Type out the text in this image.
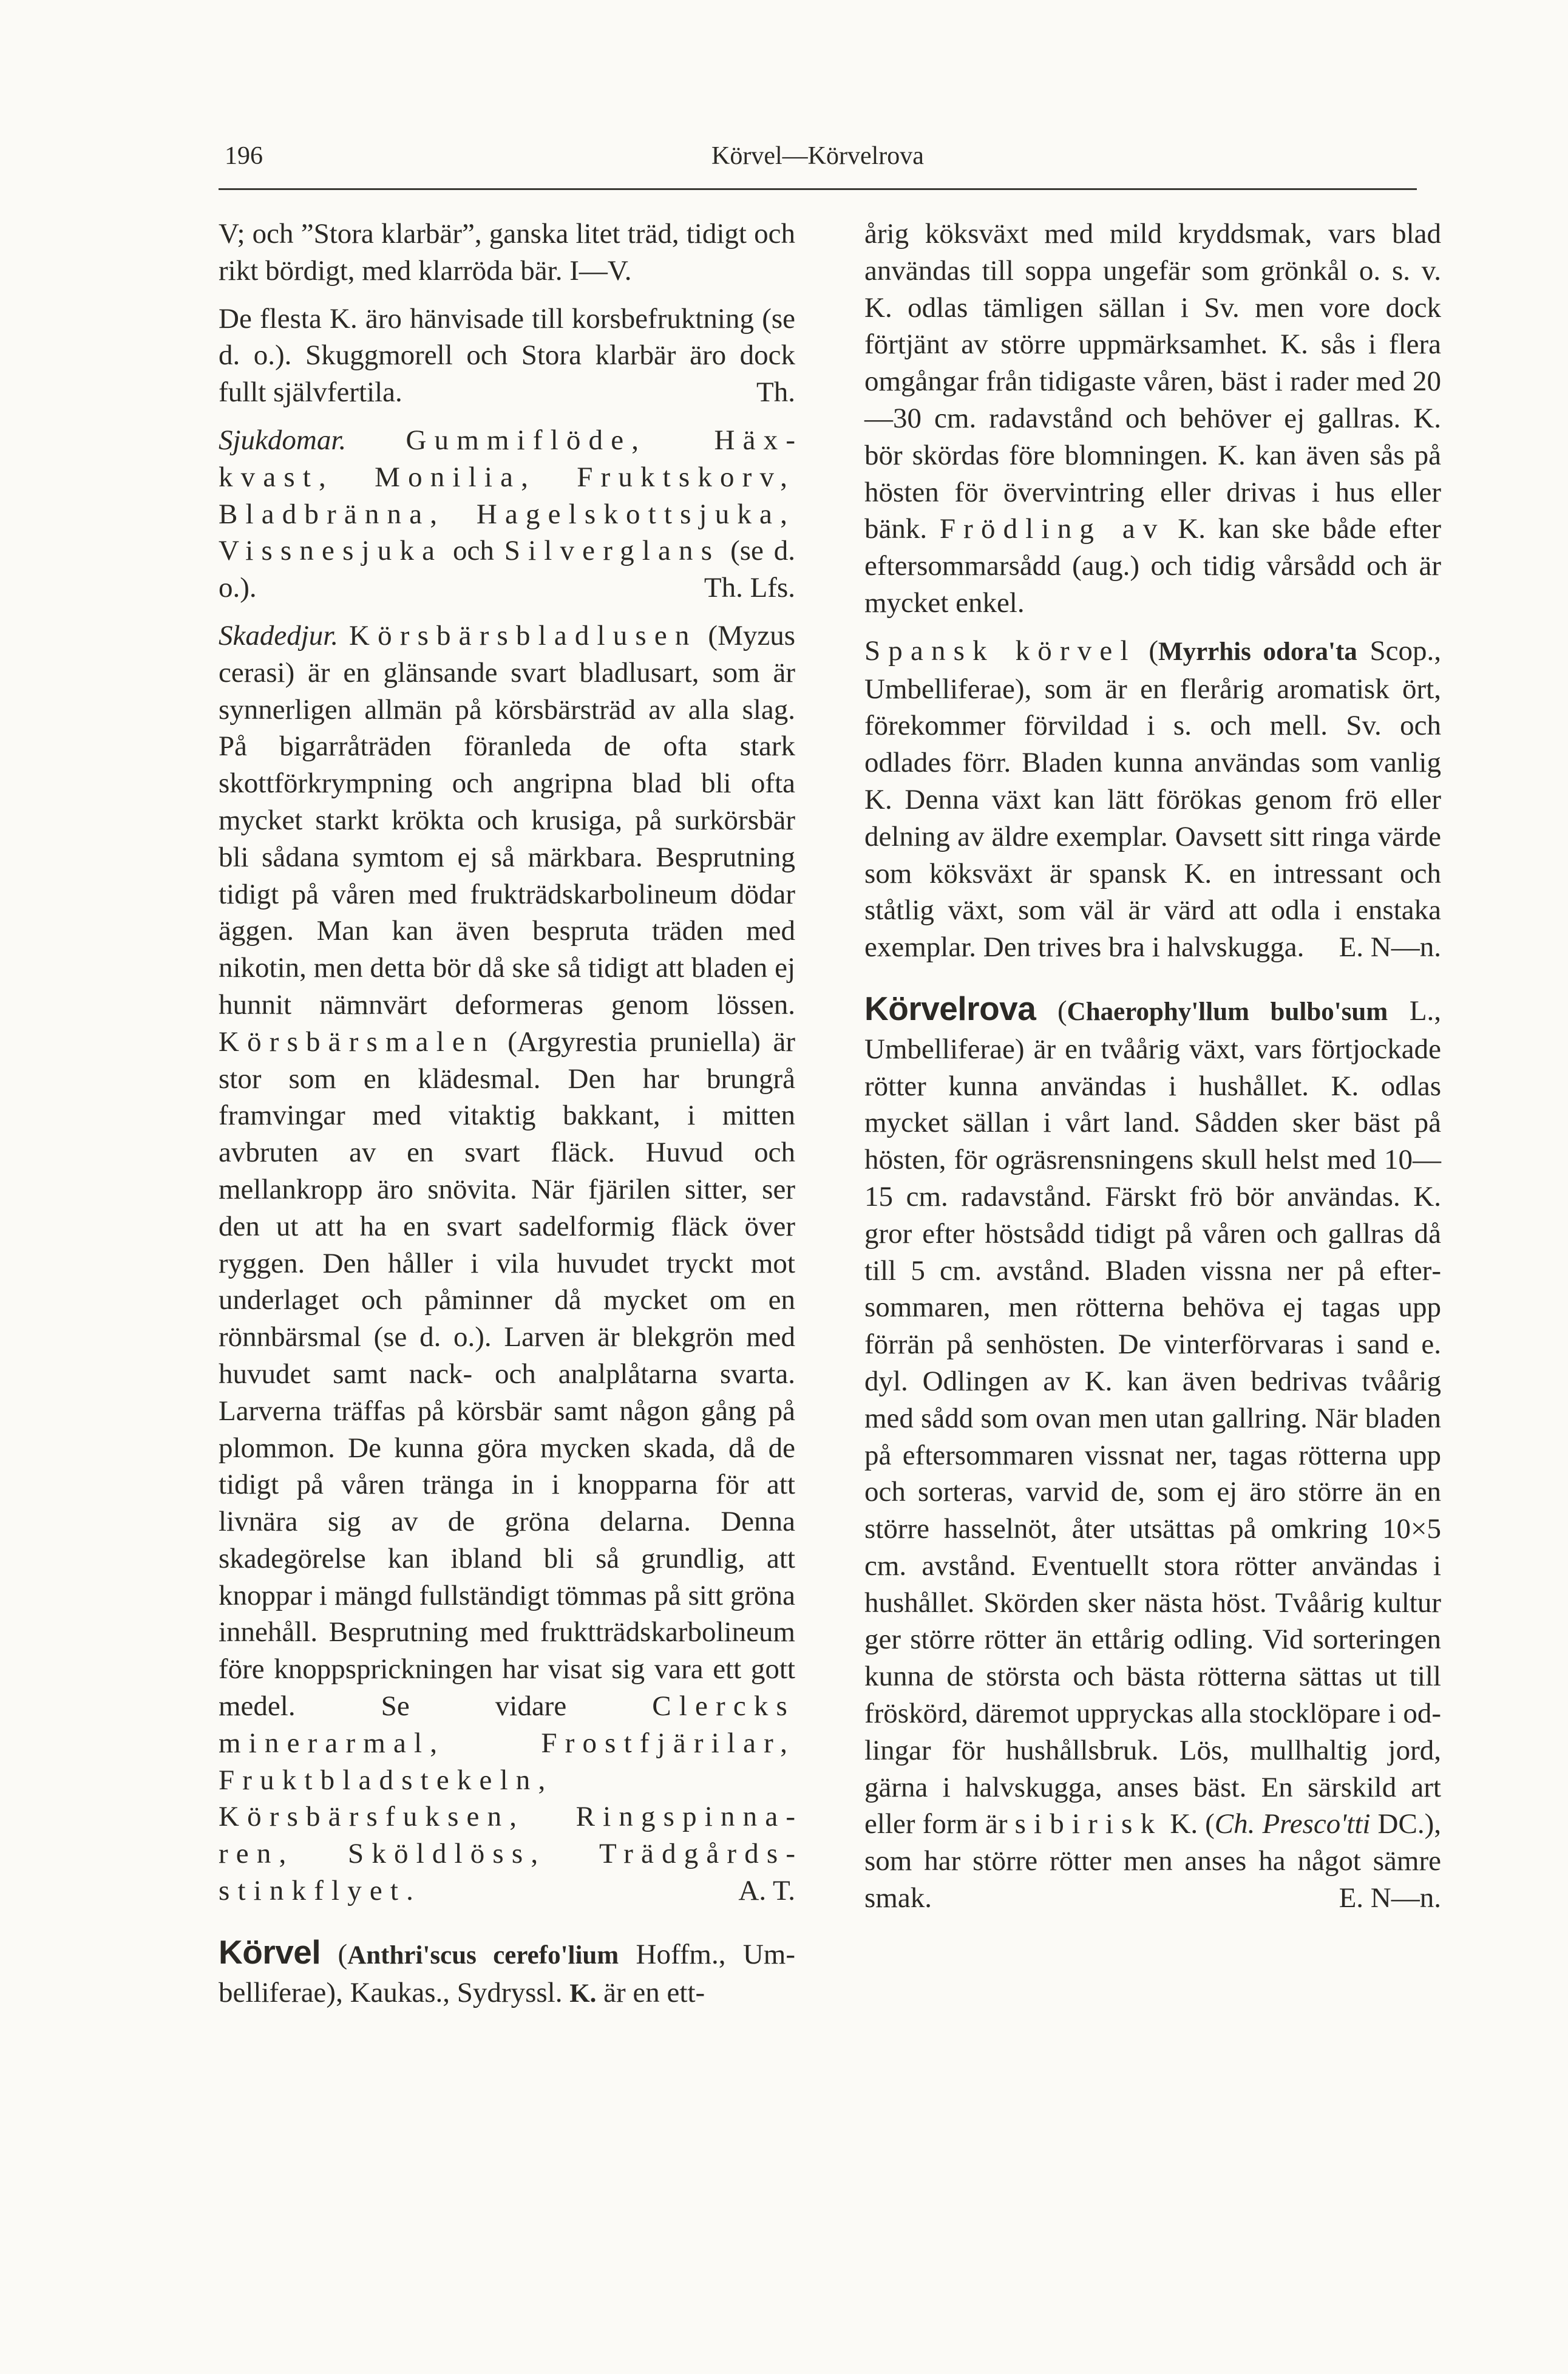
196	Körvel—Körvelrova

V; och ”Stora klarbär”, ganska litet träd, tidigt och rikt bördigt, med klarröda bär. I—V.

De flesta K. äro hänvisade till korsbefruktning (se d. o.). Skuggmorell och Stora klarbär äro dock fullt självfertila.	Th.

Sjukdomar. Gummiflöde, Häxkvast, Monilia, Fruktskorv, Bladbränna, Hagelskottsjuka, Vissnesjuka och Silverglans (se d. o.).	Th. Lfs.

Skadedjur. Körsbärsbladlusen (Myzus cerasi) är en glänsande svart bladlusart, som är synnerligen allmän på körsbärsträd av alla slag. På bigarråträden föranleda de ofta stark skottförkrympning och angripna blad bli ofta mycket starkt krökta och krusiga, på surkörsbär bli sådana symtom ej så märkbara. Besprutning tidigt på våren med frukträdskarbolineum dödar äggen. Man kan även bespruta träden med nikotin, men detta bör då ske så tidigt att bladen ej hunnit nämnvärt deformeras genom lössen. Körsbärsmalen (Argyrestia pruniella) är stor som en klädesmal. Den har brungrå framvingar med vitaktig bakkant, i mitten avbruten av en svart fläck. Huvud och mellankropp äro snövita. När fjärilen sitter, ser den ut att ha en svart sadelformig fläck över ryggen. Den håller i vila huvudet tryckt mot underlaget och påminner då mycket om en rönnbärsmal (se d. o.). Larven är blekgrön med huvudet samt nack- och analplåtarna svarta. Larverna träffas på körsbär samt någon gång på plommon. De kunna göra mycken skada, då de tidigt på våren tränga in i knopparna för att livnära sig av de gröna delarna. Denna skadegörelse kan ibland bli så grundlig, att knoppar i mängd fullständigt tömmas på sitt gröna innehåll. Besprutning med fruktträdskarbolineum före knoppsprickningen har visat sig vara ett gott medel. Se vidare	Clercks minerarmal, Frostfjärilar, Fruktbladstekeln, Körsbärsfuksen, Ringspinnaren, Sköldlöss, Trädgårdsstinkflyet.	A. T.

Körvel (Anthri'scus cerefo'lium Hoffm., Umbelliferae), Kaukas., Sydryssl. K. är en ett-

årig köksväxt med mild kryddsmak, vars blad användas till soppa ungefär som grönkål o. s. v. K. odlas tämligen sällan i Sv. men vore dock förtjänt av större uppmärksamhet. K. sås i flera omgångar från tidigaste våren, bäst i rader med 20—30 cm. radavstånd och behöver ej gallras. K. bör skördas före blomningen. K. kan även sås på hösten för övervintring eller drivas i hus eller bänk. Frödling av K. kan ske både efter eftersommarsådd (aug.) och tidig vårsådd och är mycket enkel.

Spansk körvel (Myrrhis odora'ta Scop., Umbelliferae), som är en flerårig aromatisk ört, förekommer förvildad i s. och mell. Sv. och odlades förr. Bladen kunna användas som vanlig K. Denna växt kan lätt förökas genom frö eller delning av äldre exemplar. Oavsett sitt ringa värde som köksväxt är spansk K. en intressant och ståtlig växt, som väl är värd att odla i enstaka exemplar. Den trives bra i halvskugga. E. N—n.

Körvelrova (Chaerophy'llum bulbo'sum L., Umbelliferae) är en tvåårig växt, vars förtjockade rötter kunna användas i hushållet. K. odlas mycket sällan i vårt land. Sådden sker bäst på hösten, för ogräsrensningens skull helst med 10—15 cm. radavstånd. Färskt frö bör användas. K. gror efter höstsådd tidigt på våren och gallras då till 5 cm. avstånd. Bladen vissna ner på eftersommaren, men rötterna behöva ej tagas upp förrän på senhösten. De vinterförvaras i sand e. dyl. Odlingen av K. kan även bedrivas tvåårig med sådd som ovan men utan gallring. När bladen på eftersommaren vissnat ner, tagas rötterna upp och sorteras, varvid de, som ej äro större än en större hasselnöt, åter utsättas på omkring 10×5 cm. avstånd. Eventuellt stora rötter användas i hushållet. Skörden sker nästa höst. Tvåårig kultur ger större rötter än ettårig odling. Vid sorteringen kunna de största och bästa rötterna sättas ut till fröskörd, däremot uppryckas alla stocklöpare i odlingar för hushållsbruk. Lös, mullhaltig jord, gärna i halvskugga, anses bäst. En särskild art eller form är sibirisk K. (Ch. Presco'tti DC.), som har större rötter men anses ha något sämre smak.	E. N—n.
